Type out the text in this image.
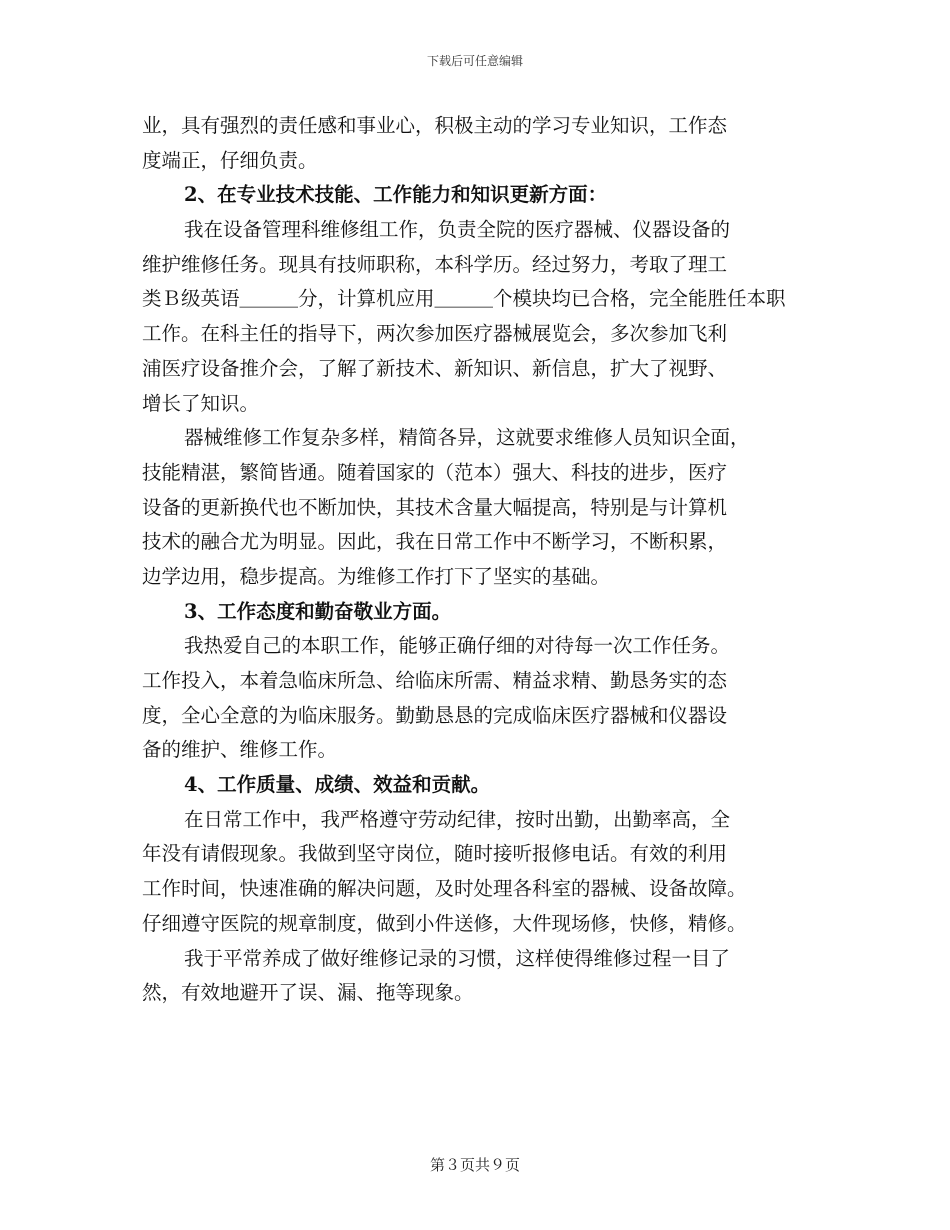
下载后可任意编辑
业，具有强烈的责任感和事业心，积极主动的学习专业知识，工作态
度端正，仔细负责。
2、在专业技术技能、工作能力和知识更新方面：
我在设备管理科维修组工作，负责全院的医疗器械、仪器设备的
维护维修任务。现具有技师职称，本科学历。经过努力，考取了理工
类Ｂ级英语＿＿＿分，计算机应用＿＿＿个模块均已合格，完全能胜任本职
工作。在科主任的指导下，两次参加医疗器械展览会，多次参加飞利
浦医疗设备推介会，了解了新技术、新知识、新信息，扩大了视野、
增长了知识。
器械维修工作复杂多样，精简各异，这就要求维修人员知识全面，
技能精湛，繁简皆通。随着国家的（范本）强大、科技的进步，医疗
设备的更新换代也不断加快，其技术含量大幅提高，特别是与计算机
技术的融合尤为明显。因此，我在日常工作中不断学习，不断积累，
边学边用，稳步提高。为维修工作打下了坚实的基础。
3、工作态度和勤奋敬业方面。
我热爱自己的本职工作，能够正确仔细的对待每一次工作任务。
工作投入，本着急临床所急、给临床所需、精益求精、勤恳务实的态
度，全心全意的为临床服务。勤勤恳恳的完成临床医疗器械和仪器设
备的维护、维修工作。
4、工作质量、成绩、效益和贡献。
在日常工作中，我严格遵守劳动纪律，按时出勤，出勤率高，全
年没有请假现象。我做到坚守岗位，随时接听报修电话。有效的利用
工作时间，快速准确的解决问题，及时处理各科室的器械、设备故障。
仔细遵守医院的规章制度，做到小件送修，大件现场修，快修，精修。
我于平常养成了做好维修记录的习惯，这样使得维修过程一目了
然，有效地避开了误、漏、拖等现象。
第３页共９页
